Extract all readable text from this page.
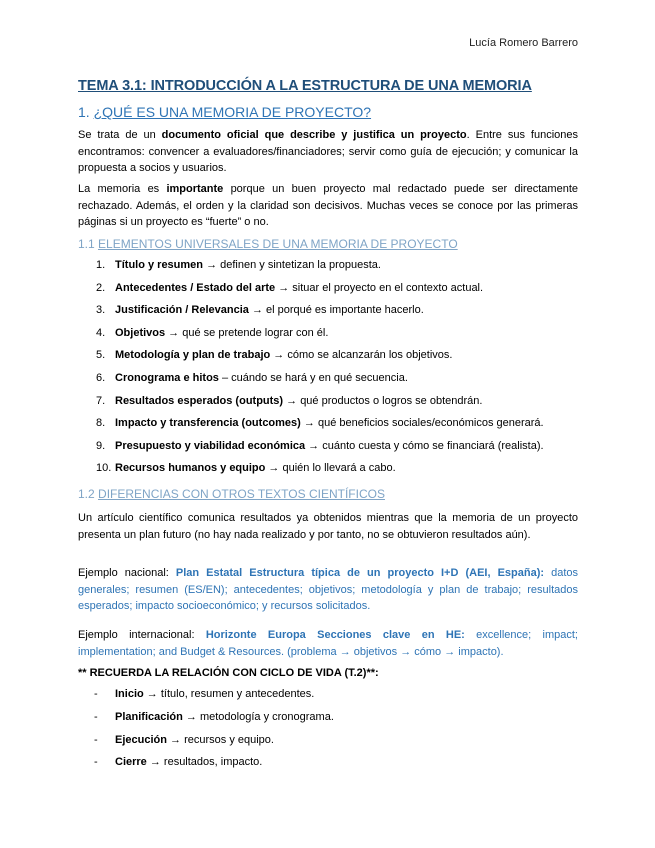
Lucía Romero Barrero
TEMA 3.1: INTRODUCCIÓN A LA ESTRUCTURA DE UNA MEMORIA
1. ¿QUÉ ES UNA MEMORIA DE PROYECTO?
Se trata de un documento oficial que describe y justifica un proyecto. Entre sus funciones encontramos: convencer a evaluadores/financiadores; servir como guía de ejecución; y comunicar la propuesta a socios y usuarios.
La memoria es importante porque un buen proyecto mal redactado puede ser directamente rechazado. Además, el orden y la claridad son decisivos. Muchas veces se conoce por las primeras páginas si un proyecto es “fuerte” o no.
1.1 ELEMENTOS UNIVERSALES DE UNA MEMORIA DE PROYECTO
1. Título y resumen → definen y sintetizan la propuesta.
2. Antecedentes / Estado del arte → situar el proyecto en el contexto actual.
3. Justificación / Relevancia → el porqué es importante hacerlo.
4. Objetivos → qué se pretende lograr con él.
5. Metodología y plan de trabajo → cómo se alcanzarán los objetivos.
6. Cronograma e hitos – cuándo se hará y en qué secuencia.
7. Resultados esperados (outputs) → qué productos o logros se obtendrán.
8. Impacto y transferencia (outcomes) → qué beneficios sociales/económicos generará.
9. Presupuesto y viabilidad económica → cuánto cuesta y cómo se financiará (realista).
10. Recursos humanos y equipo → quién lo llevará a cabo.
1.2 DIFERENCIAS CON OTROS TEXTOS CIENTÍFICOS
Un artículo científico comunica resultados ya obtenidos mientras que la memoria de un proyecto presenta un plan futuro (no hay nada realizado y por tanto, no se obtuvieron resultados aún).
Ejemplo nacional: Plan Estatal Estructura típica de un proyecto I+D (AEI, España): datos generales; resumen (ES/EN); antecedentes; objetivos; metodología y plan de trabajo; resultados esperados; impacto socioeconómico; y recursos solicitados.
Ejemplo internacional: Horizonte Europa Secciones clave en HE: excellence; impact; implementation; and Budget & Resources. (problema → objetivos → cómo → impacto).
** RECUERDA LA RELACIÓN CON CICLO DE VIDA (T.2)**:
- Inicio → título, resumen y antecedentes.
- Planificación → metodología y cronograma.
- Ejecución → recursos y equipo.
- Cierre → resultados, impacto.
